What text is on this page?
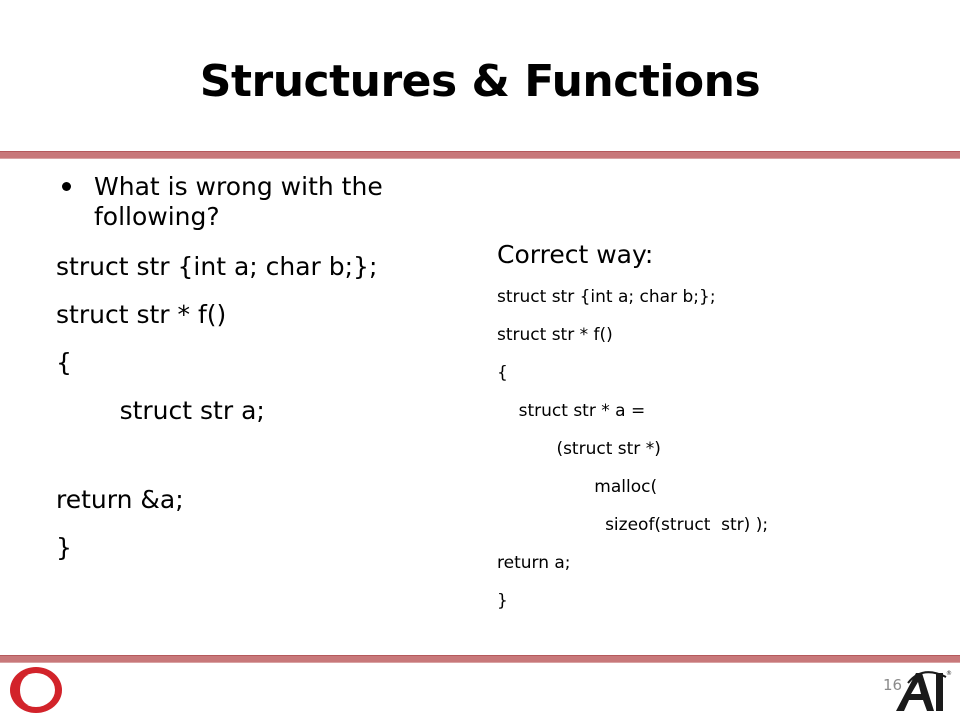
Structures & Functions
What is wrong with the following?
struct str {int a; char b;};
struct str * f()
{
struct str a;
return &a;
}
Correct way:
struct str {int a; char b;};
struct str * f()
{
struct str * a =
(struct str *)
malloc(
sizeof(struct  str) );
return a;
}
16
®
